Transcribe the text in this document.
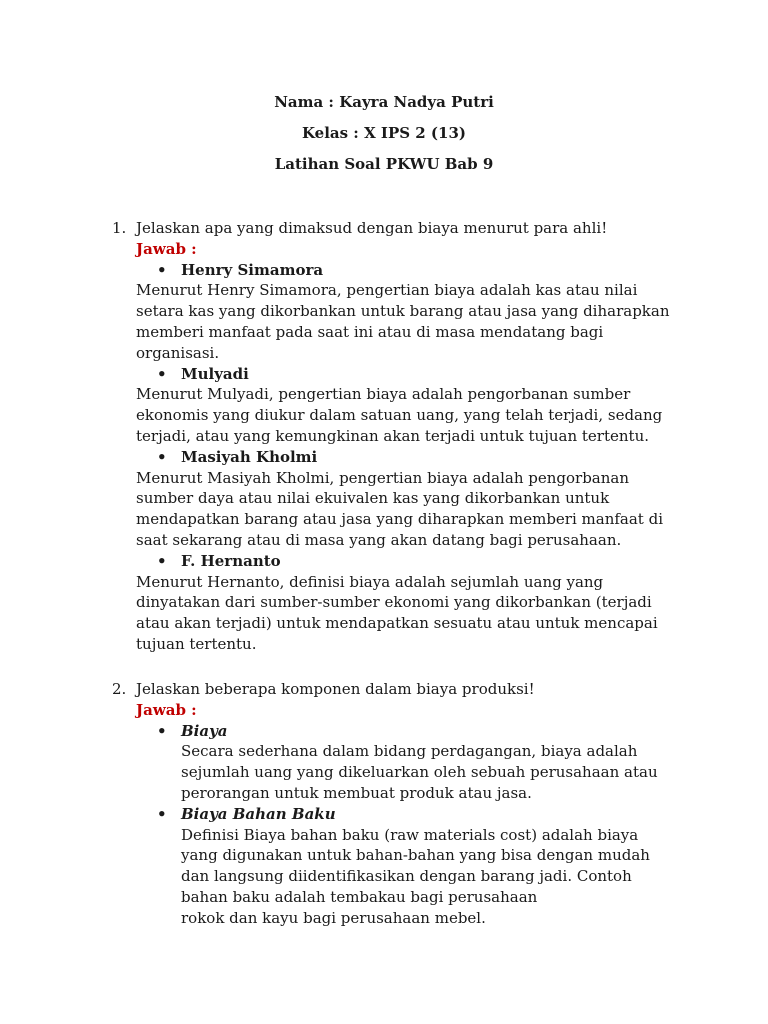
Nama : Kayra Nadya Putri
Kelas : X IPS 2 (13)
Latihan Soal PKWU Bab 9
1. Jelaskan apa yang dimaksud dengan biaya menurut para ahli!
Jawab :
• Henry Simamora
Menurut Henry Simamora, pengertian biaya adalah kas atau nilai
setara kas yang dikorbankan untuk barang atau jasa yang diharapkan
memberi manfaat pada saat ini atau di masa mendatang bagi
organisasi.
• Mulyadi
Menurut Mulyadi, pengertian biaya adalah pengorbanan sumber
ekonomis yang diukur dalam satuan uang, yang telah terjadi, sedang
terjadi, atau yang kemungkinan akan terjadi untuk tujuan tertentu.
• Masiyah Kholmi
Menurut Masiyah Kholmi, pengertian biaya adalah pengorbanan
sumber daya atau nilai ekuivalen kas yang dikorbankan untuk
mendapatkan barang atau jasa yang diharapkan memberi manfaat di
saat sekarang atau di masa yang akan datang bagi perusahaan.
• F. Hernanto
Menurut Hernanto, definisi biaya adalah sejumlah uang yang
dinyatakan dari sumber-sumber ekonomi yang dikorbankan (terjadi
atau akan terjadi) untuk mendapatkan sesuatu atau untuk mencapai
tujuan tertentu.
2. Jelaskan beberapa komponen dalam biaya produksi!
Jawab :
• Biaya
Secara sederhana dalam bidang perdagangan, biaya adalah
sejumlah uang yang dikeluarkan oleh sebuah perusahaan atau
perorangan untuk membuat produk atau jasa.
• Biaya Bahan Baku
Definisi Biaya bahan baku (raw materials cost) adalah biaya
yang digunakan untuk bahan-bahan yang bisa dengan mudah
dan langsung diidentifikasikan dengan barang jadi. Contoh
bahan baku adalah tembakau bagi perusahaan
rokok dan kayu bagi perusahaan mebel.
